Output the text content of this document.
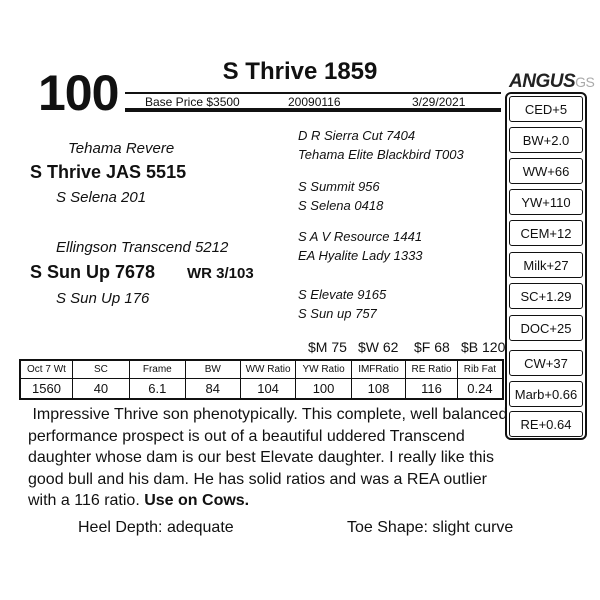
100	S Thrive 1859	ANGUSGS
Base Price $3500	20090116	3/29/2021
Tehama Revere
S Thrive JAS 5515
S Selena 201
Ellingson Transcend 5212
S Sun Up 7678 WR 3/103
S Sun Up 176
D R Sierra Cut 7404
Tehama Elite Blackbird T003
S Summit 956
S Selena 0418
S A V Resource 1441
EA Hyalite Lady 1333
S Elevate 9165
S Sun up 757
$M 75 $W 62 $F 68 $B 120
CED+5
BW+2.0
WW+66
YW+110
CEM+12
Milk+27
SC+1.29
DOC+25
CW+37
Marb+0.66
RE+0.64
Oct 7 Wt	SC	Frame	BW	WW Ratio	YW Ratio	IMFRatio	RE Ratio	Rib Fat
1560	40	6.1	84	104	100	108	116	0.24
Impressive Thrive son phenotypically. This complete, well balanced performance prospect is out of a beautiful uddered Transcend daughter whose dam is our best Elevate daughter. I really like this good bull and his dam. He has solid ratios and was a REA outlier with a 116 ratio. Use on Cows.
Heel Depth: adequate	Toe Shape: slight curve
